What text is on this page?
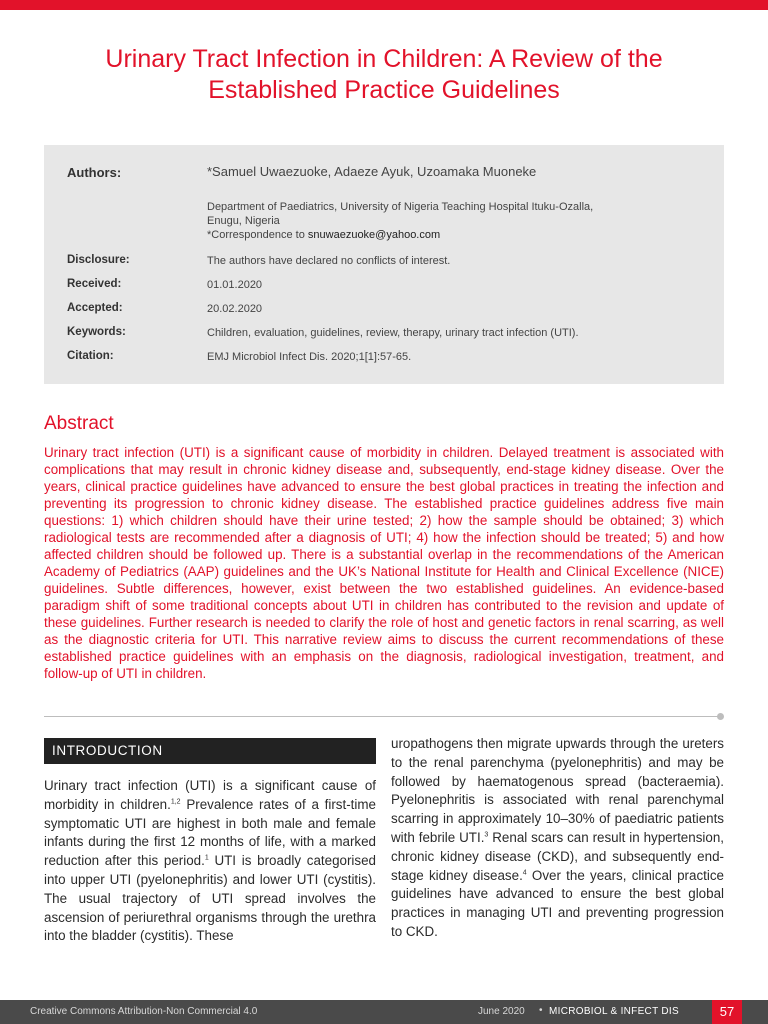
Urinary Tract Infection in Children: A Review of the
Established Practice Guidelines
Authors:	*Samuel Uwaezuoke, Adaeze Ayuk, Uzoamaka Muoneke
Department of Paediatrics, University of Nigeria Teaching Hospital Ituku-Ozalla,
Enugu, Nigeria
*Correspondence to snuwaezuoke@yahoo.com
Disclosure:	The authors have declared no conflicts of interest.
Received:	01.01.2020
Accepted:	20.02.2020
Keywords:	Children, evaluation, guidelines, review, therapy, urinary tract infection (UTI).
Citation:	EMJ Microbiol Infect Dis. 2020;1[1]:57-65.
Abstract

Urinary tract infection (UTI) is a significant cause of morbidity in children. Delayed treatment is associated with complications that may result in chronic kidney disease and, subsequently, end-stage kidney disease. Over the years, clinical practice guidelines have advanced to ensure the best global practices in treating the infection and preventing its progression to chronic kidney disease. The established practice guidelines address five main questions: 1) which children should have their urine tested; 2) how the sample should be obtained; 3) which radiological tests are recommended after a diagnosis of UTI; 4) how the infection should be treated; 5) and how affected children should be followed up. There is a substantial overlap in the recommendations of the American Academy of Pediatrics (AAP) guidelines and the UK’s National Institute for Health and Clinical Excellence (NICE) guidelines. Subtle differences, however, exist between the two established guidelines. An evidence-based paradigm shift of some traditional concepts about UTI in children has contributed to the revision and update of these guidelines. Further research is needed to clarify the role of host and genetic factors in renal scarring, as well as the diagnostic criteria for UTI. This narrative review aims to discuss the current recommendations of these established practice guidelines with an emphasis on the diagnosis, radiological investigation, treatment, and follow-up of UTI in children.

INTRODUCTION

Urinary tract infection (UTI) is a significant cause of morbidity in children.$^{1,2}$ Prevalence rates of a first-time symptomatic UTI are highest in both male and female infants during the first 12 months of life, with a marked reduction after this period.$^1$ UTI is broadly categorised into upper UTI (pyelonephritis) and lower UTI (cystitis). The usual trajectory of UTI spread involves the ascension of periurethral organisms through the urethra into the bladder (cystitis). These

uropathogens then migrate upwards through the ureters to the renal parenchyma (pyelonephritis) and may be followed by haematogenous spread (bacteraemia). Pyelonephritis is associated with renal parenchymal scarring in approximately 10–30% of paediatric patients with febrile UTI.$^3$ Renal scars can result in hypertension, chronic kidney disease (CKD), and subsequently end-stage kidney disease.$^4$ Over the years, clinical practice guidelines have advanced to ensure the best global practices in managing UTI and preventing progression to CKD.

Creative Commons Attribution-Non Commercial 4.0	June 2020 • MICROBIOL & INFECT DIS	57
